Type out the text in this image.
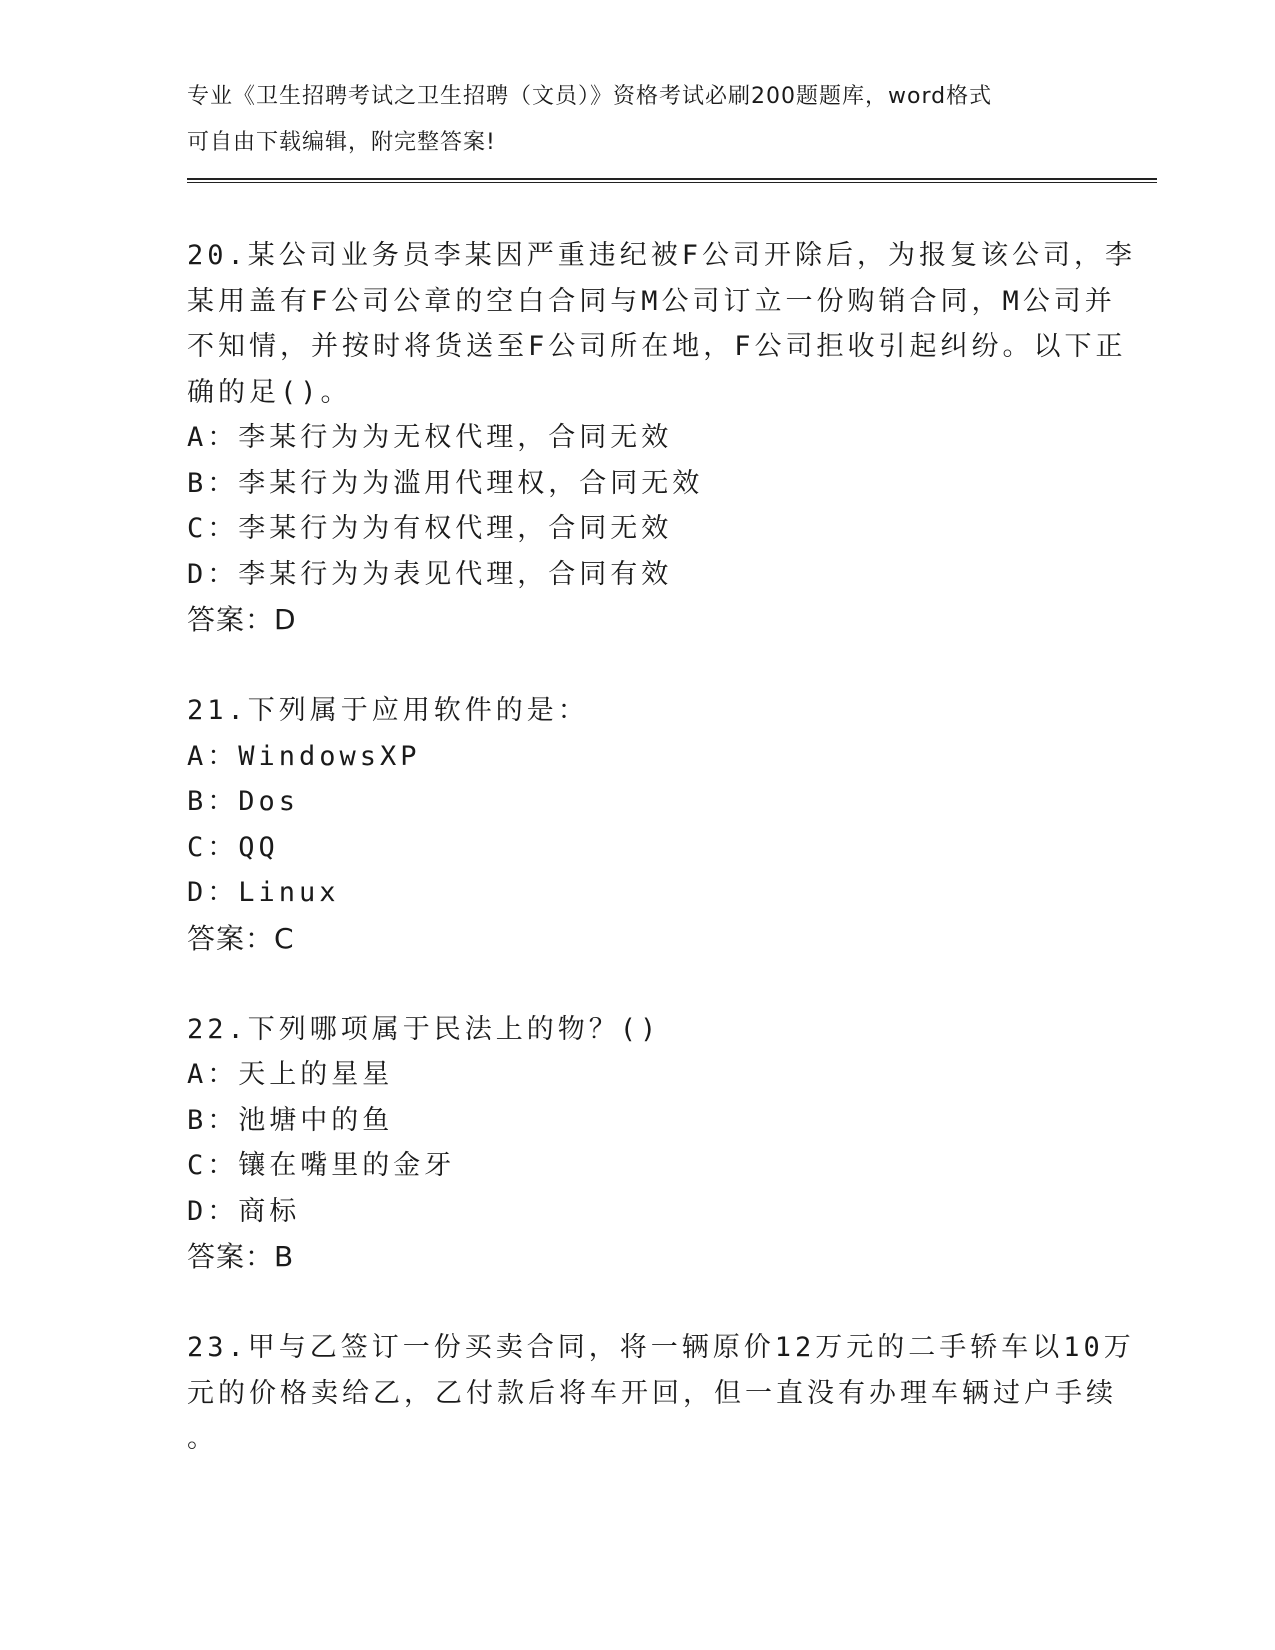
专业《卫生招聘考试之卫生招聘（文员）》资格考试必刷200题题库，word格式
可自由下载编辑，附完整答案!
20.某公司业务员李某因严重违纪被F公司开除后，为报复该公司，李
某用盖有F公司公章的空白合同与M公司订立一份购销合同，M公司并
不知情，并按时将货送至F公司所在地，F公司拒收引起纠纷。以下正
确的足()。
A：李某行为为无权代理，合同无效
B：李某行为为滥用代理权，合同无效
C：李某行为为有权代理，合同无效
D：李某行为为表见代理，合同有效
答案：D
21.下列属于应用软件的是：
A：WindowsXP
B：Dos
C：QQ
D：Linux
答案：C
22.下列哪项属于民法上的物？()
A：天上的星星
B：池塘中的鱼
C：镶在嘴里的金牙
D：商标
答案：B
23.甲与乙签订一份买卖合同，将一辆原价12万元的二手轿车以10万
元的价格卖给乙，乙付款后将车开回，但一直没有办理车辆过户手续
。
